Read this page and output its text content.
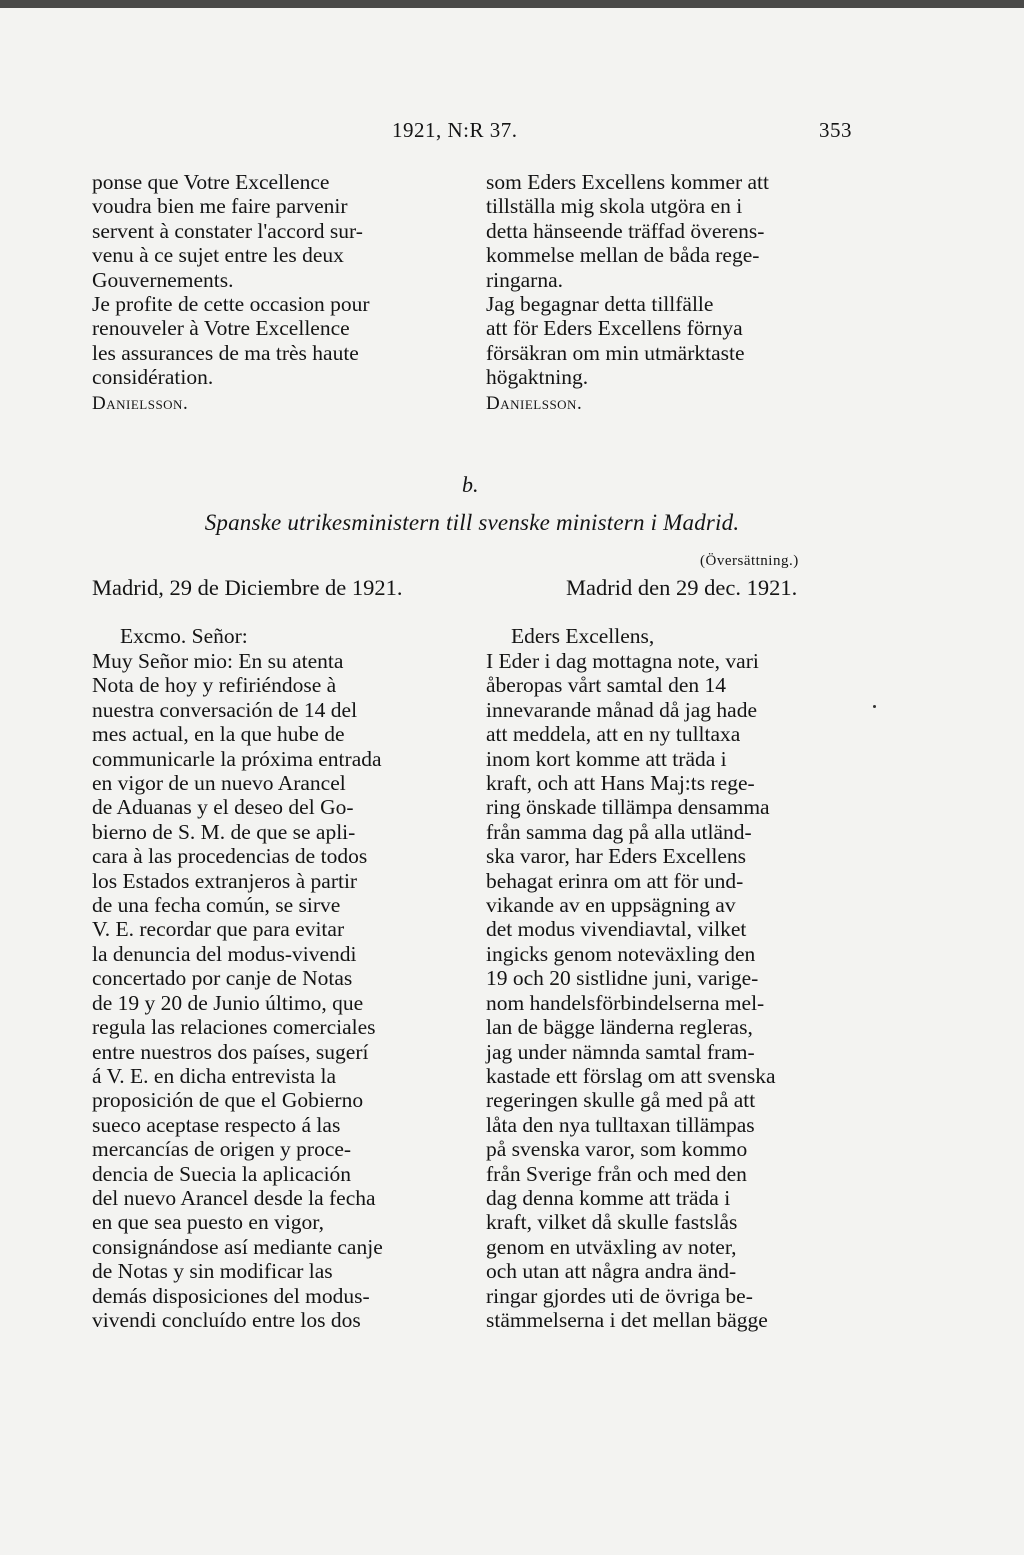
1921, N:R 37.	353

ponse que Votre Excellence

voudra bien me faire parvenir

servent à constater l'accord sur-

venu à ce sujet entre les deux

Gouvernements.

Je profite de cette occasion pour

renouveler à Votre Excellence

les assurances de ma très haute

considération.

Danielsson.

som Eders Excellens kommer att

tillställa mig skola utgöra en i

detta hänseende träffad överens-

kommelse mellan de båda rege-

ringarna.

Jag begagnar detta tillfälle

att för Eders Excellens förnya

försäkran om min utmärktaste

högaktning.

Danielsson.

b.
Spanske utrikesministern till svenske ministern i Madrid.
(Översättning.)
Madrid, 29 de Diciembre de 1921.	Madrid den 29 dec. 1921.
Excmo. Señor:	Eders Excellens,

Muy Señor mio: En su atenta

Nota de hoy y refiriéndose à

nuestra conversación de 14 del

mes actual, en la que hube de

communicarle la próxima entrada

en vigor de un nuevo Arancel

de Aduanas y el deseo del Go-

bierno de S. M. de que se apli-

cara à las procedencias de todos

los Estados extranjeros à partir

de una fecha común, se sirve

V. E. recordar que para evitar

la denuncia del modus-vivendi

concertado por canje de Notas

de 19 y 20 de Junio último, que

regula las relaciones comerciales

entre nuestros dos países, sugerí

á V. E. en dicha entrevista la

proposición de que el Gobierno

sueco aceptase respecto á las

mercancías de origen y proce-

dencia de Suecia la aplicación

del nuevo Arancel desde la fecha

en que sea puesto en vigor,

consignándose así mediante canje

de Notas y sin modificar las

demás disposiciones del modus-

vivendi concluído entre los dos

I Eder i dag mottagna note, vari

åberopas vårt samtal den 14

innevarande månad då jag hade

att meddela, att en ny tulltaxa

inom kort komme att träda i

kraft, och att Hans Maj:ts rege-

ring önskade tillämpa densamma

från samma dag på alla utländ-

ska varor, har Eders Excellens

behagat erinra om att för und-

vikande av en uppsägning av

det modus vivendiavtal, vilket

ingicks genom noteväxling den

19 och 20 sistlidne juni, varige-

nom handelsförbindelserna mel-

lan de bägge länderna regleras,

jag under nämnda samtal fram-

kastade ett förslag om att svenska

regeringen skulle gå med på att

låta den nya tulltaxan tillämpas

på svenska varor, som kommo

från Sverige från och med den

dag denna komme att träda i

kraft, vilket då skulle fastslås

genom en utväxling av noter,

och utan att några andra änd-

ringar gjordes uti de övriga be-

stämmelserna i det mellan bägge
